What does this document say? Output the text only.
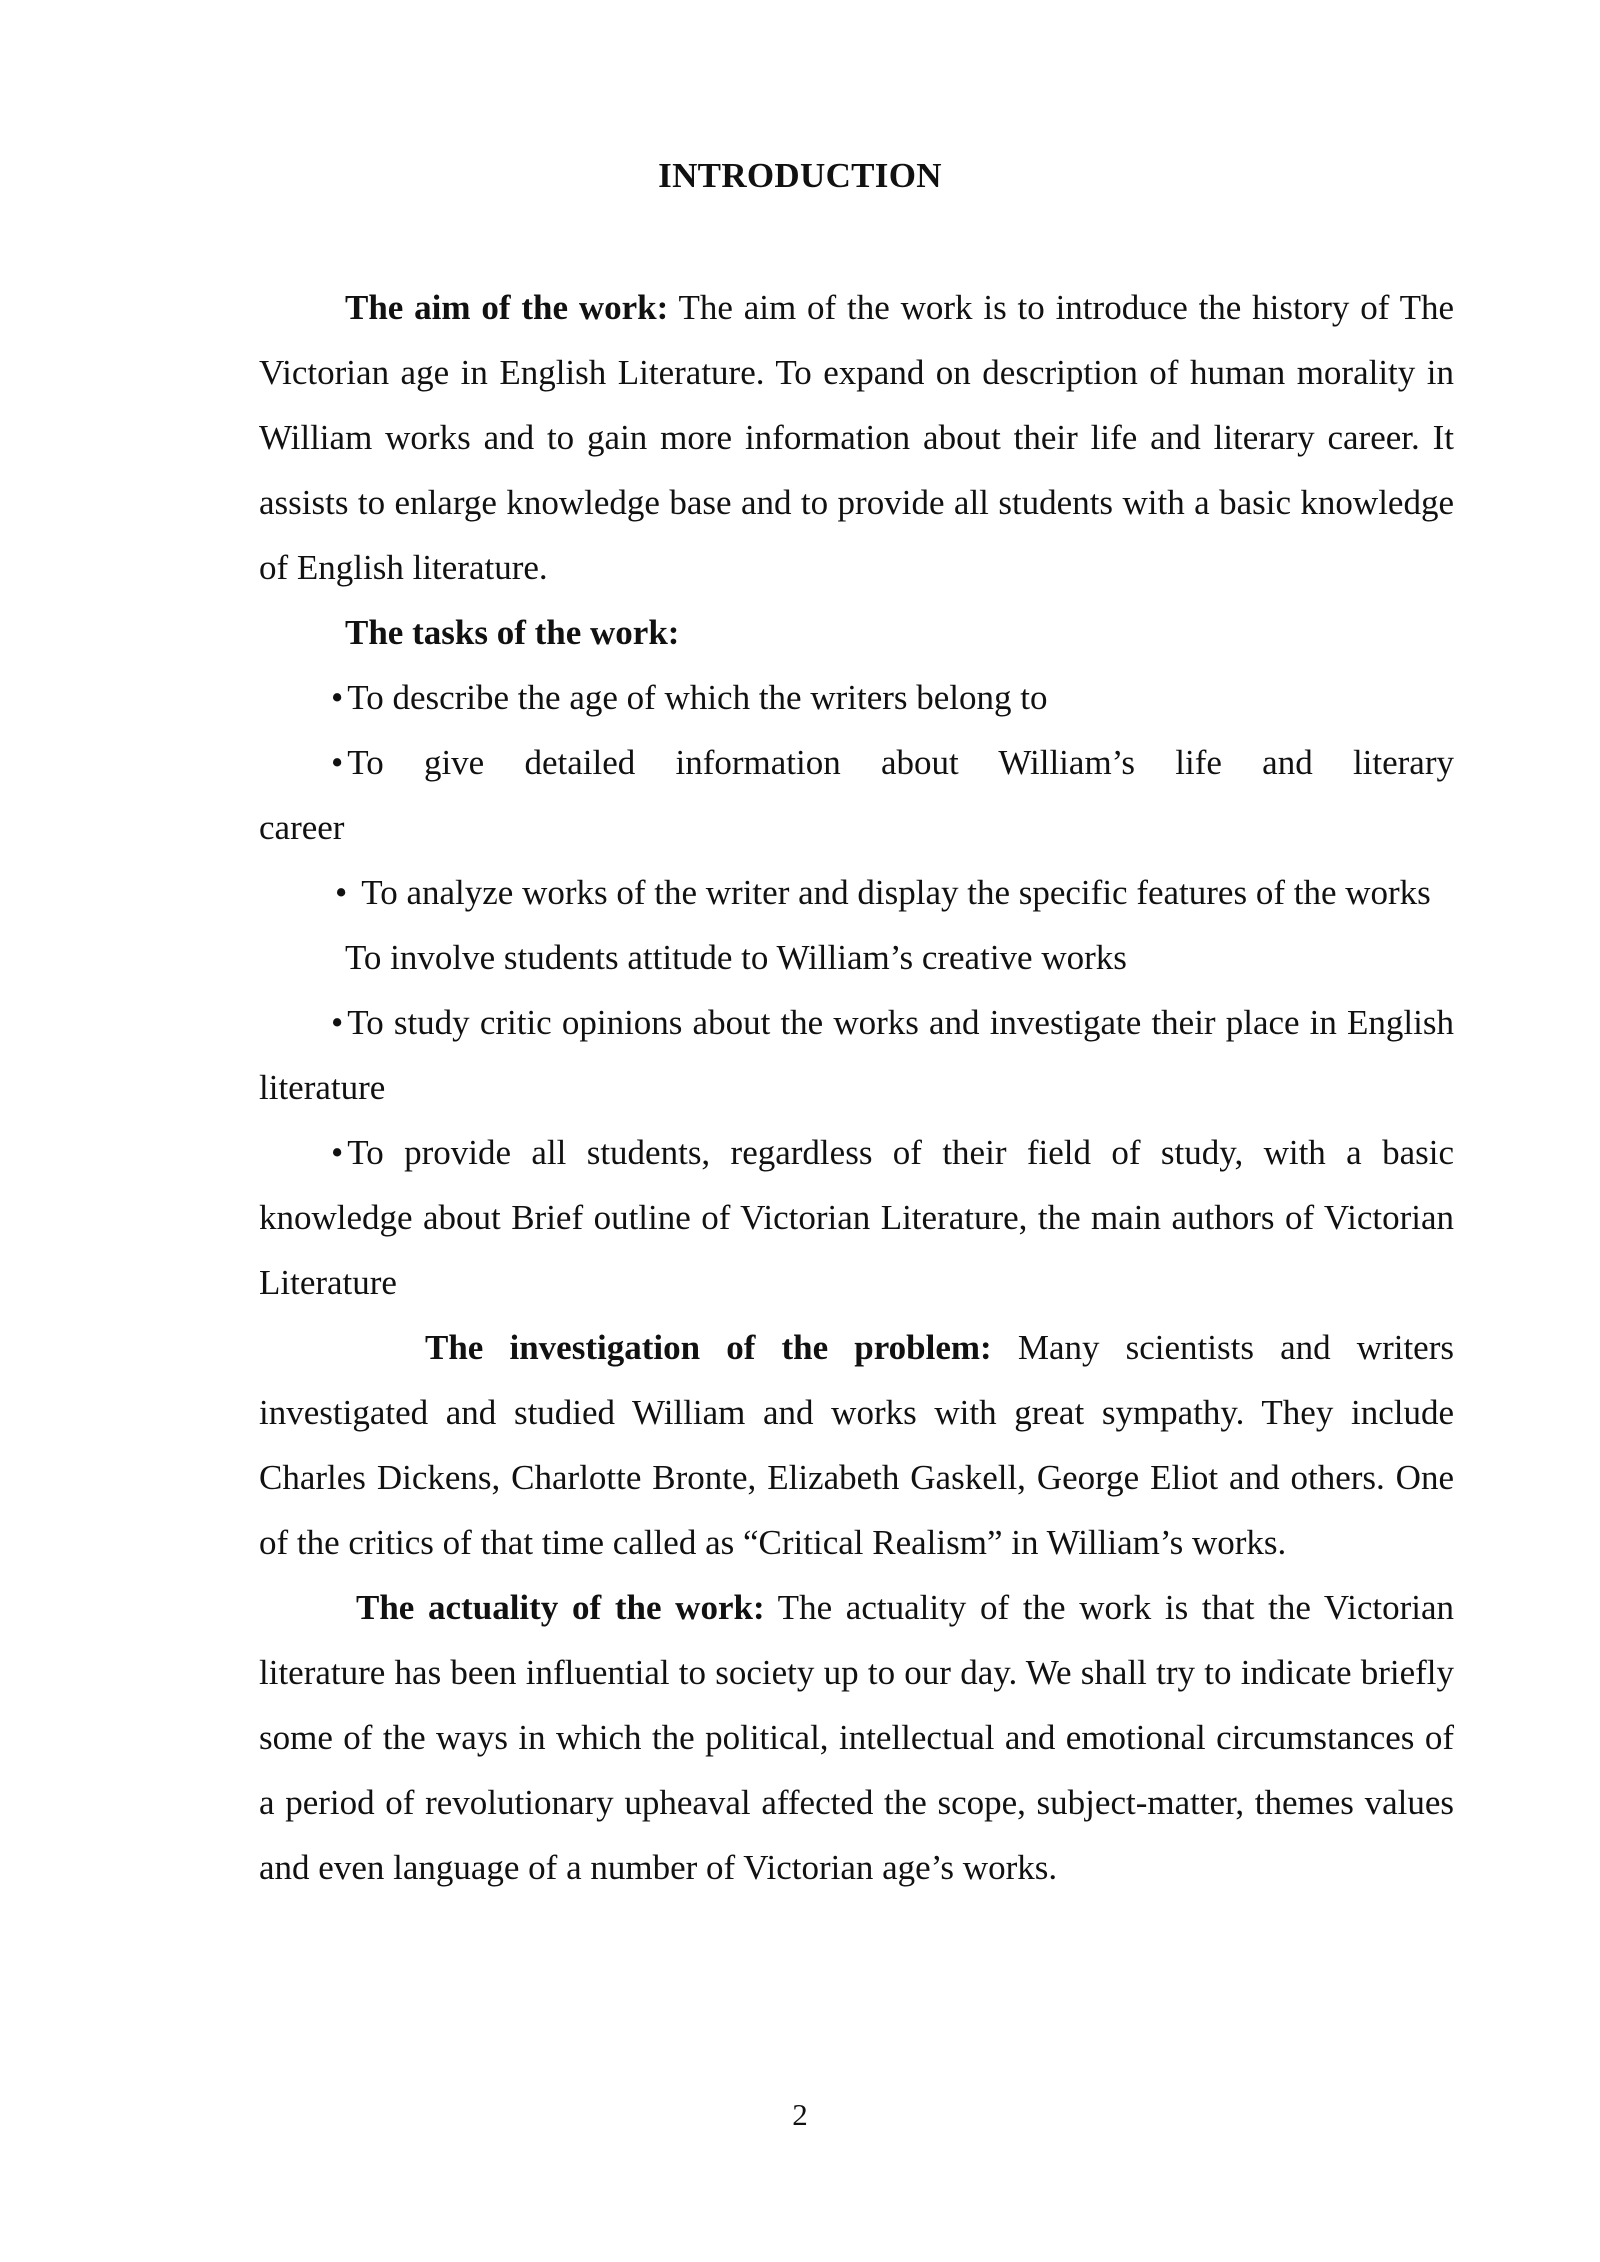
INTRODUCTION

The aim of the work: The aim of the work is to introduce the history of The Victorian age in English Literature. To expand on description of human morality in William works and to gain more information about their life and literary career. It assists to enlarge knowledge base and to provide all students with a basic knowledge of English literature.

The tasks of the work:

• To describe the age of which the writers belong to

• To give detailed information about William’s life and literary career

• To analyze works of the writer and display the specific features of the works

To involve students attitude to William’s creative works

• To study critic opinions about the works and investigate their place in English literature

• To provide all students, regardless of their field of study, with a basic knowledge about Brief outline of Victorian Literature, the main authors of Victorian Literature

The investigation of the problem: Many scientists and writers investigated and studied William and works with great sympathy. They include Charles Dickens, Charlotte Bronte, Elizabeth Gaskell, George Eliot and others. One of the critics of that time called as “Critical Realism” in William’s works.

The actuality of the work: The actuality of the work is that the Victorian literature has been influential to society up to our day. We shall try to indicate briefly some of the ways in which the political, intellectual and emotional circumstances of a period of revolutionary upheaval affected the scope, subject-matter, themes values and even language of a number of Victorian age’s works.

2
